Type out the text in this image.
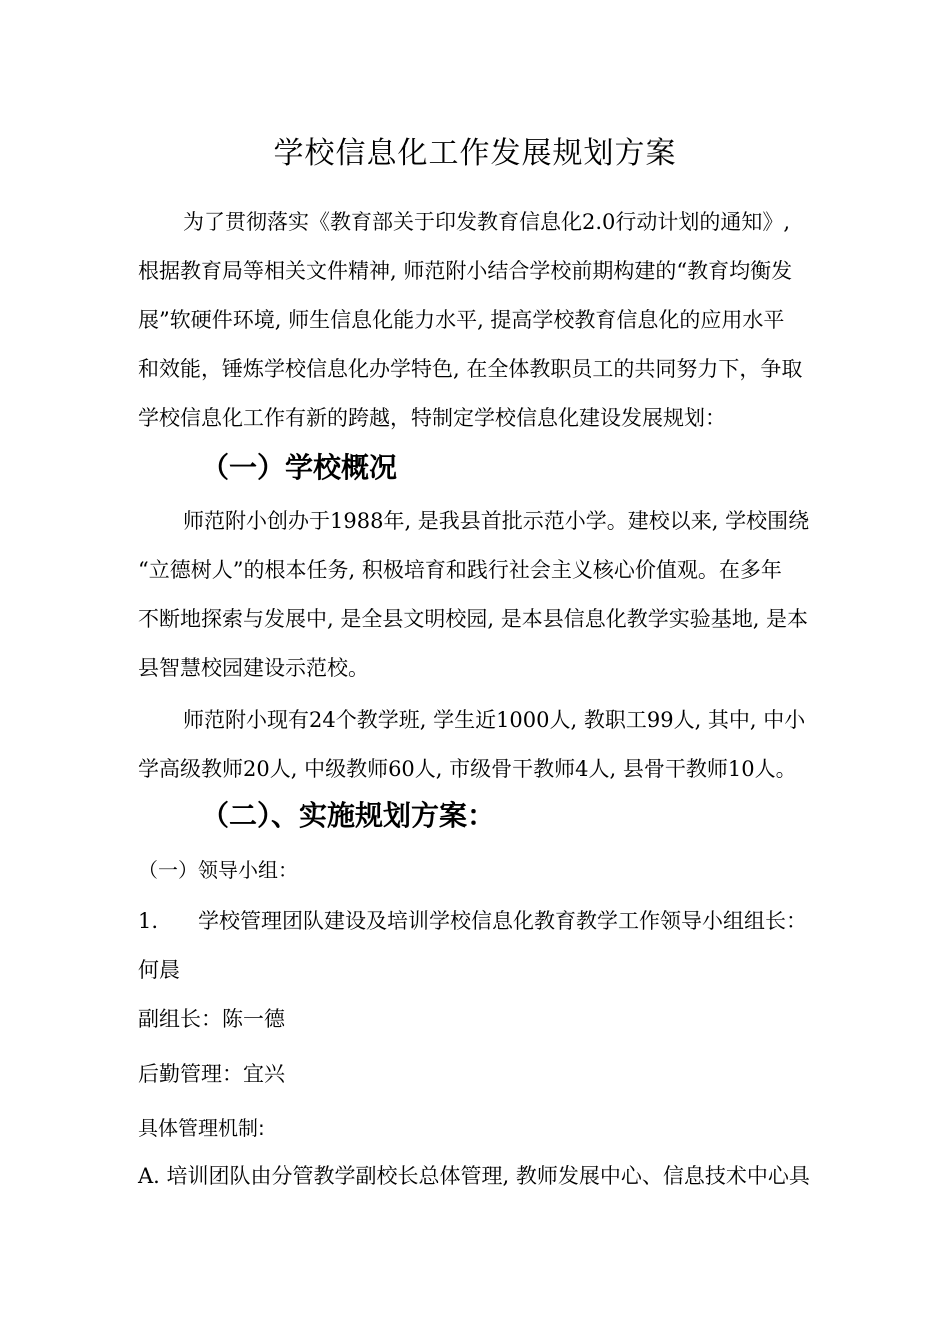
学校信息化工作发展规划方案
为了贯彻落实《教育部关于印发教育信息化2.0行动计划的通知》,
根据教育局等相关文件精神, 师范附小结合学校前期构建的“教育均衡发
展”软硬件环境, 师生信息化能力水平, 提高学校教育信息化的应用水平
和效能，锤炼学校信息化办学特色, 在全体教职员工的共同努力下，争取
学校信息化工作有新的跨越，特制定学校信息化建设发展规划：
（一）学校概况
师范附小创办于1988年, 是我县首批示范小学。建校以来, 学校围绕
“立德树人”的根本任务, 积极培育和践行社会主义核心价值观。在多年
不断地探索与发展中, 是全县文明校园, 是本县信息化教学实验基地, 是本
县智慧校园建设示范校。
师范附小现有24个教学班, 学生近1000人, 教职工99人, 其中, 中小
学高级教师20人, 中级教师60人, 市级骨干教师4人, 县骨干教师10人。
（二）、实施规划方案：
（一）领导小组：
1. 学校管理团队建设及培训学校信息化教育教学工作领导小组组长：
何晨
副组长：陈一德
后勤管理：宜兴
具体管理机制:
A. 培训团队由分管教学副校长总体管理, 教师发展中心、信息技术中心具
